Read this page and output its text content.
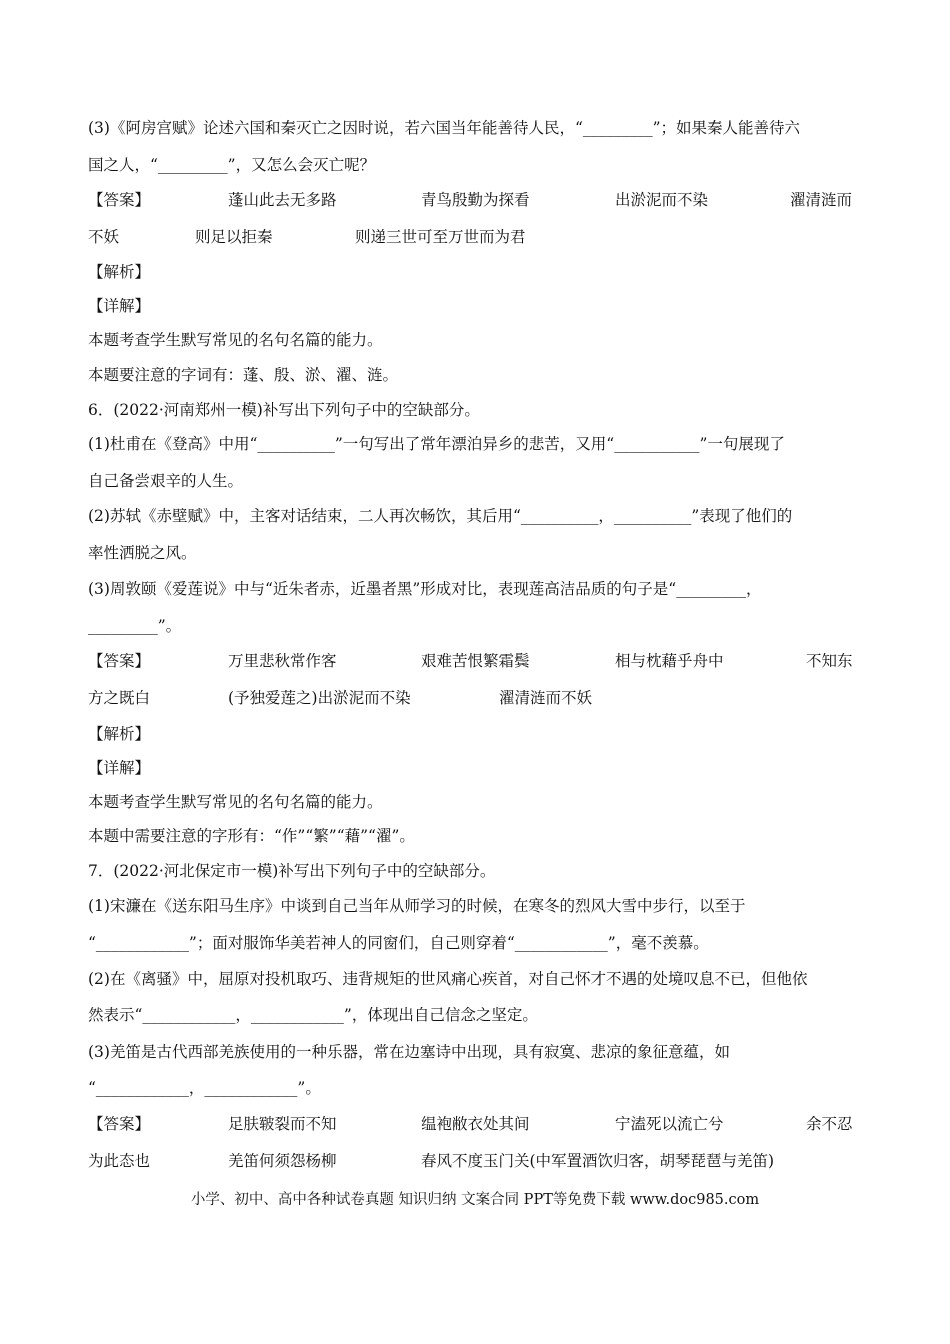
(3)《阿房宫赋》论述六国和秦灭亡之因时说，若六国当年能善待人民，“_________”；如果秦人能善待六
国之人，“_________”，又怎么会灭亡呢？
【答案】	蓬山此去无多路	青鸟殷勤为探看	出淤泥而不染	濯清涟而
不妖	则足以拒秦	则递三世可至万世而为君
【解析】
【详解】
本题考查学生默写常见的名句名篇的能力。
本题要注意的字词有：蓬、殷、淤、濯、涟。
6．(2022·河南郑州一模)补写出下列句子中的空缺部分。
(1)杜甫在《登高》中用“__________”一句写出了常年漂泊异乡的悲苦，又用“___________”一句展现了
自己备尝艰辛的人生。
(2)苏轼《赤壁赋》中，主客对话结束，二人再次畅饮，其后用“__________，__________”表现了他们的
率性洒脱之风。
(3)周敦颐《爱莲说》中与“近朱者赤，近墨者黑”形成对比，表现莲高洁品质的句子是“_________，
_________”。
【答案】	万里悲秋常作客	艰难苦恨繁霜鬓	相与枕藉乎舟中	不知东
方之既白	(予独爱莲之)出淤泥而不染	濯清涟而不妖
【解析】
【详解】
本题考查学生默写常见的名句名篇的能力。
本题中需要注意的字形有：“作”“繁”“藉”“濯”。
7．(2022·河北保定市一模)补写出下列句子中的空缺部分。
(1)宋濂在《送东阳马生序》中谈到自己当年从师学习的时候，在寒冬的烈风大雪中步行，以至于
“____________”；面对服饰华美若神人的同窗们，自己则穿着“____________”，毫不羡慕。
(2)在《离骚》中，屈原对投机取巧、违背规矩的世风痛心疾首，对自己怀才不遇的处境叹息不已，但他依
然表示“____________，____________”，体现出自己信念之坚定。
(3)羌笛是古代西部羌族使用的一种乐器，常在边塞诗中出现，具有寂寞、悲凉的象征意蕴，如
“____________，____________”。
【答案】	足肤皲裂而不知	缊袍敝衣处其间	宁溘死以流亡兮	余不忍
为此态也	羌笛何须怨杨柳	春风不度玉门关(中军置酒饮归客，胡琴琵琶与羌笛)
小学、初中、高中各种试卷真题 知识归纳 文案合同 PPT等免费下载 www.doc985.com
